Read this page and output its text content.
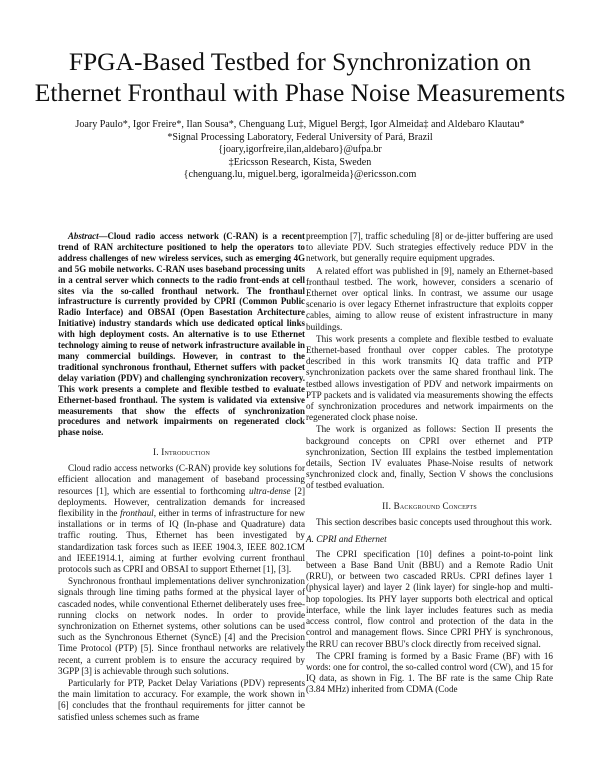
FPGA-Based Testbed for Synchronization on
Ethernet Fronthaul with Phase Noise Measurements
Joary Paulo*, Igor Freire*, Ilan Sousa*, Chenguang Lu‡, Miguel Berg‡, Igor Almeida‡ and Aldebaro Klautau*
*Signal Processing Laboratory, Federal University of Pará, Brazil
{joary,igorfreire,ilan,aldebaro}@ufpa.br
‡Ericsson Research, Kista, Sweden
{chenguang.lu, miguel.berg, igoralmeida}@ericsson.com

Abstract—Cloud radio access network (C-RAN) is a recent trend of RAN architecture positioned to help the operators to address challenges of new wireless services, such as emerging 4G and 5G mobile networks. C-RAN uses baseband processing units in a central server which connects to the radio front-ends at cell sites via the so-called fronthaul network. The fronthaul infrastructure is currently provided by CPRI (Common Public Radio Interface) and OBSAI (Open Basestation Architecture Initiative) industry standards which use dedicated optical links with high deployment costs. An alternative is to use Ethernet technology aiming to reuse of network infrastructure available in many commercial buildings. However, in contrast to the traditional synchronous fronthaul, Ethernet suffers with packet delay variation (PDV) and challenging synchronization recovery. This work presents a complete and flexible testbed to evaluate Ethernet-based fronthaul. The system is validated via extensive measurements that show the effects of synchronization procedures and network impairments on regenerated clock phase noise.

I. Introduction

Cloud radio access networks (C-RAN) provide key solutions for efficient allocation and management of baseband processing resources [1], which are essential to forthcoming ultra-dense [2] deployments. However, centralization demands for increased flexibility in the fronthaul, either in terms of infrastructure for new installations or in terms of IQ (In-phase and Quadrature) data traffic routing. Thus, Ethernet has been investigated by standardization task forces such as IEEE 1904.3, IEEE 802.1CM and IEEE1914.1, aiming at further evolving current fronthaul protocols such as CPRI and OBSAI to support Ethernet [1], [3].

Synchronous fronthaul implementations deliver synchronization signals through line timing paths formed at the physical layer of cascaded nodes, while conventional Ethernet deliberately uses free-running clocks on network nodes. In order to provide synchronization on Ethernet systems, other solutions can be used such as the Synchronous Ethernet (SyncE) [4] and the Precision Time Protocol (PTP) [5]. Since fronthaul networks are relatively recent, a current problem is to ensure the accuracy required by 3GPP [3] is achievable through such solutions.

Particularly for PTP, Packet Delay Variations (PDV) represents the main limitation to accuracy. For example, the work shown in [6] concludes that the fronthaul requirements for jitter cannot be satisfied unless schemes such as frame

preemption [7], traffic scheduling [8] or de-jitter buffering are used to alleviate PDV. Such strategies effectively reduce PDV in the network, but generally require equipment upgrades.

A related effort was published in [9], namely an Ethernet-based fronthaul testbed. The work, however, considers a scenario of Ethernet over optical links. In contrast, we assume our usage scenario is over legacy Ethernet infrastructure that exploits copper cables, aiming to allow reuse of existent infrastructure in many buildings.

This work presents a complete and flexible testbed to evaluate Ethernet-based fronthaul over copper cables. The prototype described in this work transmits IQ data traffic and PTP synchronization packets over the same shared fronthaul link. The testbed allows investigation of PDV and network impairments on PTP packets and is validated via measurements showing the effects of synchronization procedures and network impairments on the regenerated clock phase noise.

The work is organized as follows: Section II presents the background concepts on CPRI over ethernet and PTP synchronization, Section III explains the testbed implementation details, Section IV evaluates Phase-Noise results of network synchronized clock and, finally, Section V shows the conclusions of testbed evaluation.

II. Background Concepts

This section describes basic concepts used throughout this work.

A. CPRI and Ethernet

The CPRI specification [10] defines a point-to-point link between a Base Band Unit (BBU) and a Remote Radio Unit (RRU), or between two cascaded RRUs. CPRI defines layer 1 (physical layer) and layer 2 (link layer) for single-hop and multi-hop topologies. Its PHY layer supports both electrical and optical interface, while the link layer includes features such as media access control, flow control and protection of the data in the control and management flows. Since CPRI PHY is synchronous, the RRU can recover BBU's clock directly from received signal.

The CPRI framing is formed by a Basic Frame (BF) with 16 words: one for control, the so-called control word (CW), and 15 for IQ data, as shown in Fig. 1. The BF rate is the same Chip Rate (3.84 MHz) inherited from CDMA (Code
